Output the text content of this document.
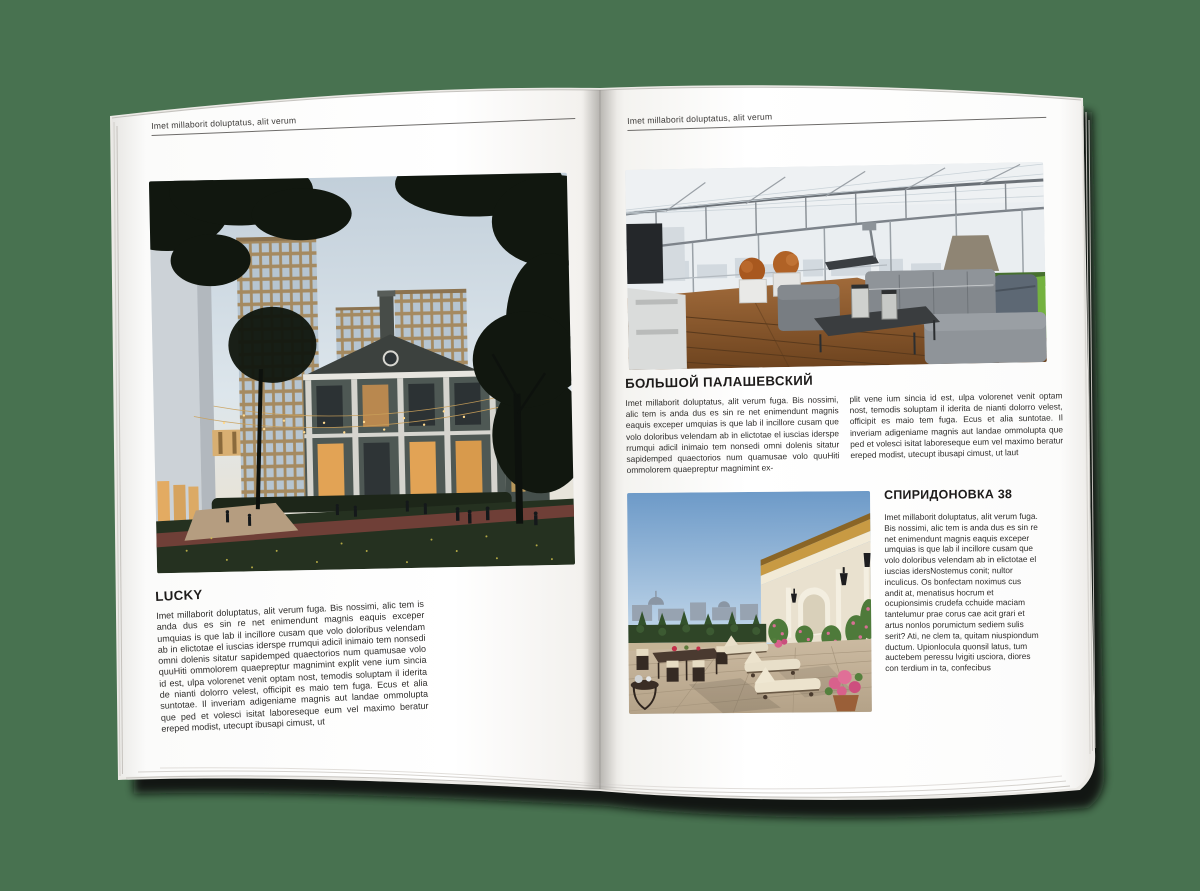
Imet millaborit doluptatus, alit verum
LUCKY

Imet millaborit doluptatus, alit verum fuga. Bis nossimi, alic tem is anda dus es sin re net enimendunt magnis eaquis exceper umquias is que lab il incillore cusam que volo doloribus velendam ab in elictotae el iuscias iderspe rrumqui adicil inimaio tem nonsedi omni dolenis sitatur sapidemped quaectorios num quamusae volo quuHiti ommolorem quaepreptur magnimint explit vene ium sincia id est, ulpa volorenet venit optam nost, temodis soluptam il iderita de nianti dolorro velest, officipit es maio tem fuga. Ecus et alia suntotae. Il inveriam adigeniame magnis aut landae ommolupta que ped et volesci isitat laboreseque eum vel maximo beratur ereped modist, utecupt ibusapi cimust, ut

Imet millaborit doluptatus, alit verum
БОЛЬШОЙ ПАЛАШЕВСКИЙ

Imet millaborit doluptatus, alit verum fuga. Bis nossimi, alic tem is anda dus es sin re net enimendunt magnis eaquis exceper umquias is que lab il incillore cusam que volo doloribus velendam ab in elictotae el iuscias iderspe rrumqui adicil inimaio tem nonsedi omni dolenis sitatur sapidemped quaectorios num quamusae volo quuHiti ommolorem quaepreptur magnimint ex-

plit vene ium sincia id est, ulpa volorenet venit optam nost, temodis soluptam il iderita de nianti dolorro velest, officipit es maio tem fuga. Ecus et alia suntotae. Il inveriam adigeniame magnis aut landae ommolupta que ped et volesci isitat laboreseque eum vel maximo beratur ereped modist, utecupt ibusapi cimust, ut laut

СПИРИДОНОВКА 38

Imet millaborit doluptatus, alit verum fuga. Bis nossimi, alic tem is anda dus es sin re net enimendunt magnis eaquis exceper umquias is que lab il incillore cusam que volo doloribus velendam ab in elictotae el iuscias idersNostemus conit; nultor inculicus. Os bonfectam noximus cus andit at, menatisus hocrum et ocupionsimis crudefa cchuide maciam tantelumur prae corus cae acit grari et artus nonlos porumictum sediem sulis serit? Ati, ne clem ta, quitam niuspiondum ductum. Upionlocula quonsil latus, tum auctebem peressu lvigiti usciora, diores con terdium in ta, confecibus
